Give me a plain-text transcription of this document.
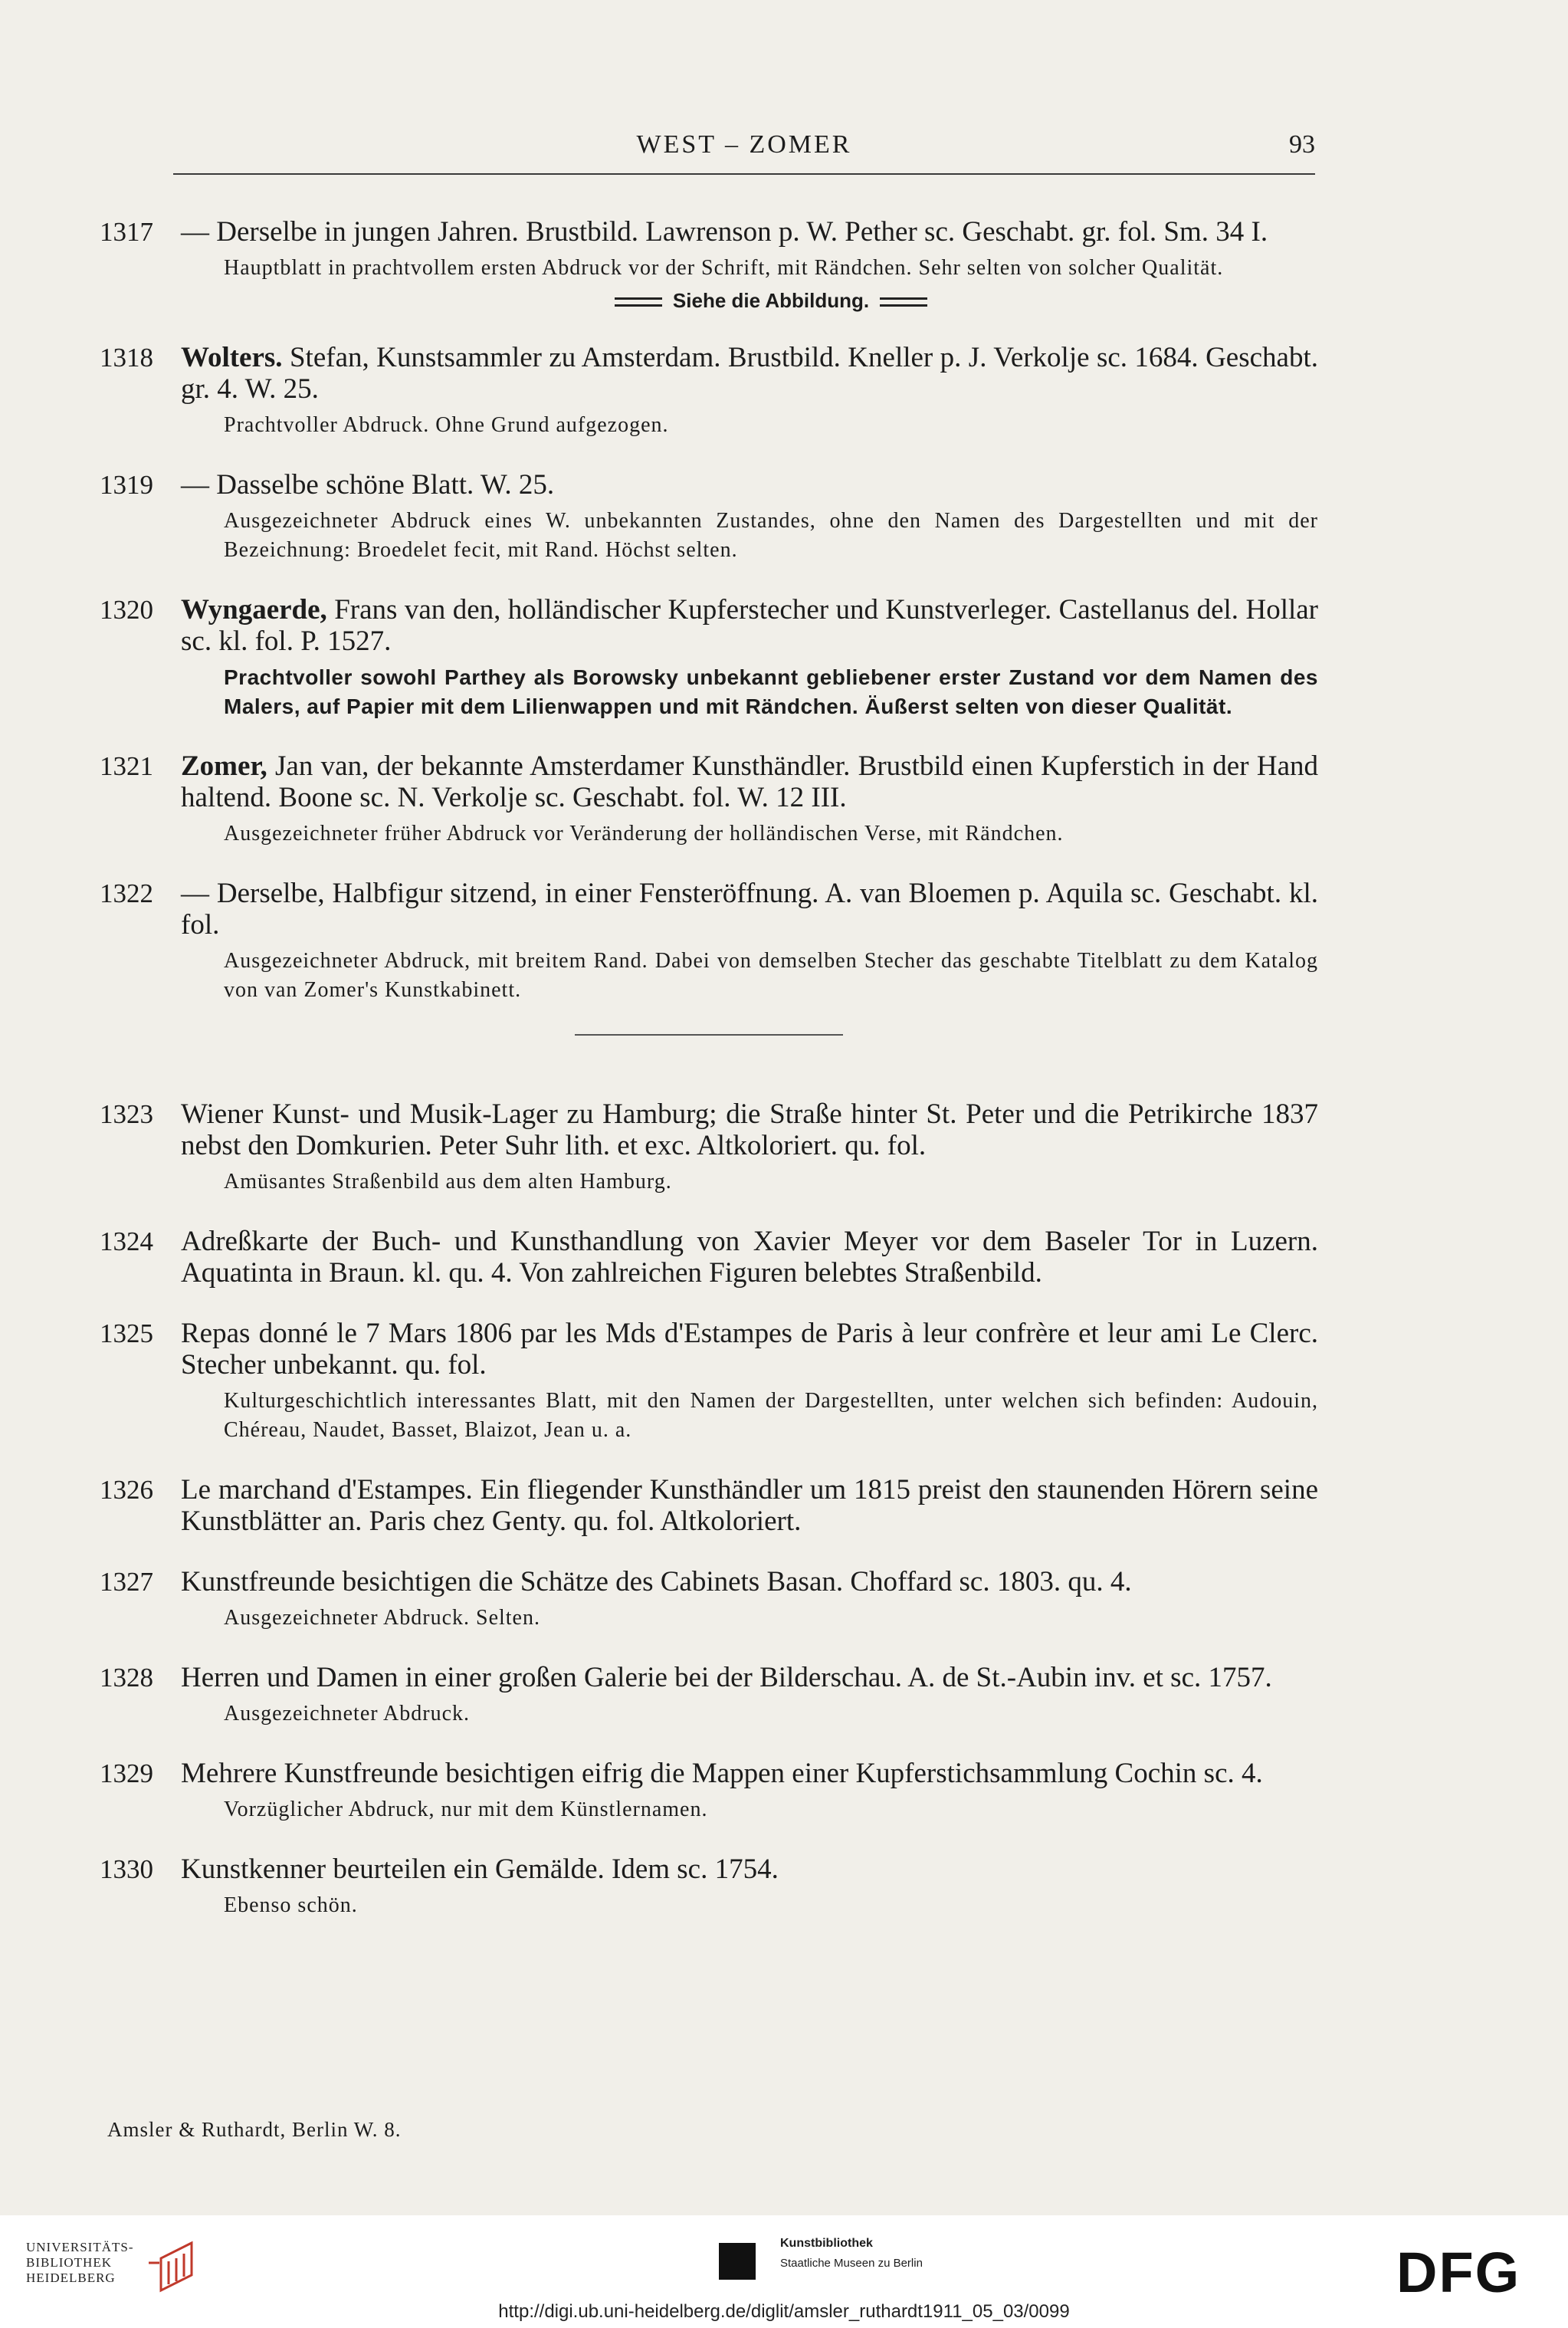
WEST – ZOMER	93
1317 — Derselbe in jungen Jahren. Brustbild. Lawrenson p. W. Pether sc. Geschabt. gr. fol. Sm. 34 I.
Hauptblatt in prachtvollem ersten Abdruck vor der Schrift, mit Rändchen. Sehr selten von solcher Qualität.
Siehe die Abbildung.
1318 Wolters. Stefan, Kunstsammler zu Amsterdam. Brustbild. Kneller p. J. Verkolje sc. 1684. Geschabt. gr. 4. W. 25.
Prachtvoller Abdruck. Ohne Grund aufgezogen.
1319 — Dasselbe schöne Blatt. W. 25.
Ausgezeichneter Abdruck eines W. unbekannten Zustandes, ohne den Namen des Dargestellten und mit der Bezeichnung: Broedelet fecit, mit Rand. Höchst selten.
1320 Wyngaerde, Frans van den, holländischer Kupferstecher und Kunstverleger. Castellanus del. Hollar sc. kl. fol. P. 1527.
Prachtvoller sowohl Parthey als Borowsky unbekannt gebliebener erster Zustand vor dem Namen des Malers, auf Papier mit dem Lilienwappen und mit Rändchen. Äußerst selten von dieser Qualität.
1321 Zomer, Jan van, der bekannte Amsterdamer Kunsthändler. Brustbild einen Kupferstich in der Hand haltend. Boone sc. N. Verkolje sc. Geschabt. fol. W. 12 III.
Ausgezeichneter früher Abdruck vor Veränderung der holländischen Verse, mit Rändchen.
1322 — Derselbe, Halbfigur sitzend, in einer Fensteröffnung. A. van Bloemen p. Aquila sc. Geschabt. kl. fol.
Ausgezeichneter Abdruck, mit breitem Rand. Dabei von demselben Stecher das geschabte Titelblatt zu dem Katalog von van Zomer's Kunstkabinett.
1323 Wiener Kunst- und Musik-Lager zu Hamburg; die Straße hinter St. Peter und die Petrikirche 1837 nebst den Domkurien. Peter Suhr lith. et exc. Altkoloriert. qu. fol.
Amüsantes Straßenbild aus dem alten Hamburg.
1324 Adreßkarte der Buch- und Kunsthandlung von Xavier Meyer vor dem Baseler Tor in Luzern. Aquatinta in Braun. kl. qu. 4. Von zahlreichen Figuren belebtes Straßenbild.
1325 Repas donné le 7 Mars 1806 par les Mds d'Estampes de Paris à leur confrère et leur ami Le Clerc. Stecher unbekannt. qu. fol.
Kulturgeschichtlich interessantes Blatt, mit den Namen der Dargestellten, unter welchen sich befinden: Audouin, Chéreau, Naudet, Basset, Blaizot, Jean u. a.
1326 Le marchand d'Estampes. Ein fliegender Kunsthändler um 1815 preist den staunenden Hörern seine Kunstblätter an. Paris chez Genty. qu. fol. Altkoloriert.
1327 Kunstfreunde besichtigen die Schätze des Cabinets Basan. Choffard sc. 1803. qu. 4.
Ausgezeichneter Abdruck. Selten.
1328 Herren und Damen in einer großen Galerie bei der Bilderschau. A. de St.-Aubin inv. et sc. 1757.
Ausgezeichneter Abdruck.
1329 Mehrere Kunstfreunde besichtigen eifrig die Mappen einer Kupferstichsammlung Cochin sc. 4.
Vorzüglicher Abdruck, nur mit dem Künstlernamen.
1330 Kunstkenner beurteilen ein Gemälde. Idem sc. 1754.
Ebenso schön.
Amsler & Ruthardt, Berlin W. 8.
UNIVERSITÄTS-
BIBLIOTHEK
HEIDELBERG
Kunstbibliothek
Staatliche Museen zu Berlin	DFG
http://digi.ub.uni-heidelberg.de/diglit/amsler_ruthardt1911_05_03/0099
